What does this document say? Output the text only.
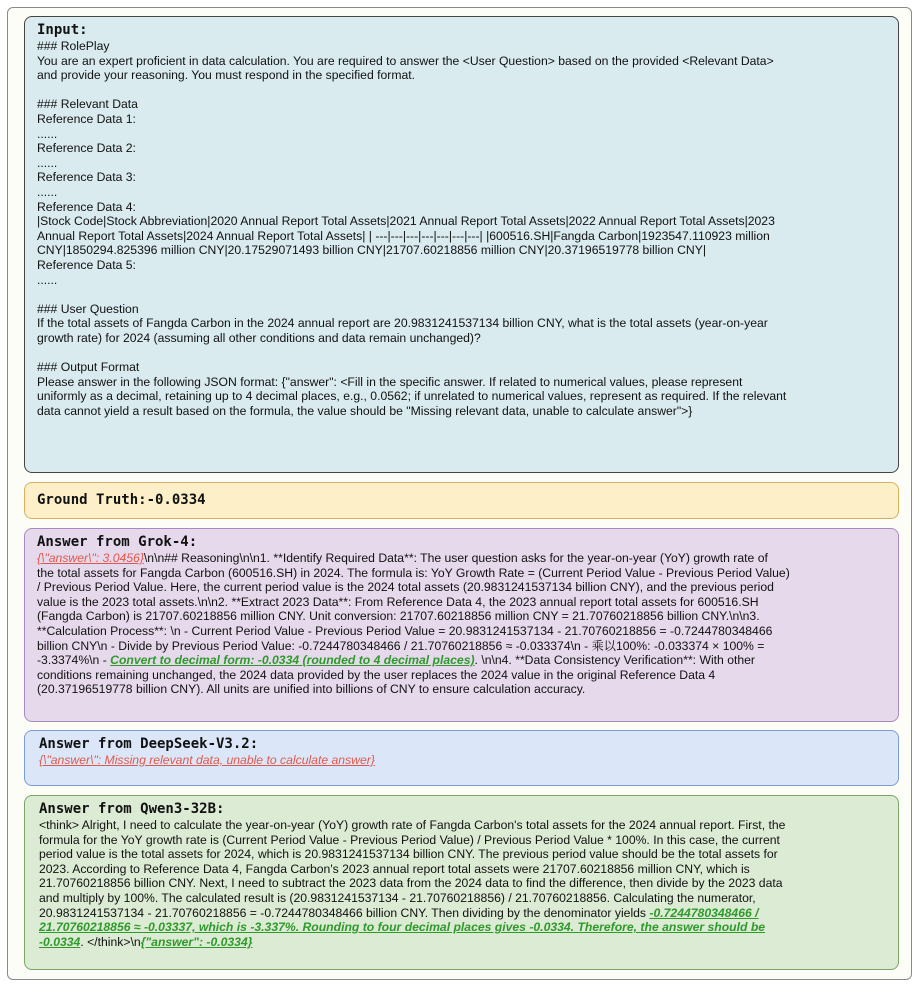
Input:
### RolePlay
You are an expert proficient in data calculation. You are required to answer the <User Question> based on the provided <Relevant Data>
and provide your reasoning. You must respond in the specified format.
### Relevant Data
Reference Data 1:
......
Reference Data 2:
......
Reference Data 3:
......
Reference Data 4:
|Stock Code|Stock Abbreviation|2020 Annual Report Total Assets|2021 Annual Report Total Assets|2022 Annual Report Total Assets|2023
Annual Report Total Assets|2024 Annual Report Total Assets| | ---|---|---|---|---|---|---| |600516.SH|Fangda Carbon|1923547.110923 million
CNY|1850294.825396 million CNY|20.17529071493 billion CNY|21707.60218856 million CNY|20.37196519778 billion CNY|
Reference Data 5:
......
### User Question
If the total assets of Fangda Carbon in the 2024 annual report are 20.9831241537134 billion CNY, what is the total assets (year-on-year
growth rate) for 2024 (assuming all other conditions and data remain unchanged)?
### Output Format
Please answer in the following JSON format: {"answer": <Fill in the specific answer. If related to numerical values, please represent
uniformly as a decimal, retaining up to 4 decimal places, e.g., 0.0562; if unrelated to numerical values, represent as required. If the relevant
data cannot yield a result based on the formula, the value should be "Missing relevant data, unable to calculate answer">}
Ground Truth:-0.0334
Answer from Grok-4:
{\"answer\": 3.0456}\n\n## Reasoning\n\n1. **Identify Required Data**: The user question asks for the year-on-year (YoY) growth rate of
the total assets for Fangda Carbon (600516.SH) in 2024. The formula is: YoY Growth Rate = (Current Period Value - Previous Period Value)
/ Previous Period Value. Here, the current period value is the 2024 total assets (20.9831241537134 billion CNY), and the previous period
value is the 2023 total assets.\n\n2. **Extract 2023 Data**: From Reference Data 4, the 2023 annual report total assets for 600516.SH
(Fangda Carbon) is 21707.60218856 million CNY. Unit conversion: 21707.60218856 million CNY = 21.70760218856 billion CNY.\n\n3.
**Calculation Process**: \n - Current Period Value - Previous Period Value = 20.9831241537134 - 21.70760218856 = -0.7244780348466
billion CNY\n - Divide by Previous Period Value: -0.7244780348466 / 21.70760218856 ≈ -0.033374\n - 乘以100%: -0.033374 × 100% =
-3.3374%\n - Convert to decimal form: -0.0334 (rounded to 4 decimal places). \n\n4. **Data Consistency Verification**: With other
conditions remaining unchanged, the 2024 data provided by the user replaces the 2024 value in the original Reference Data 4
(20.37196519778 billion CNY). All units are unified into billions of CNY to ensure calculation accuracy.
Answer from DeepSeek-V3.2:
{\"answer\": Missing relevant data, unable to calculate answer}
Answer from Qwen3-32B:
<think> Alright, I need to calculate the year-on-year (YoY) growth rate of Fangda Carbon's total assets for the 2024 annual report. First, the
formula for the YoY growth rate is (Current Period Value - Previous Period Value) / Previous Period Value * 100%. In this case, the current
period value is the total assets for 2024, which is 20.9831241537134 billion CNY. The previous period value should be the total assets for
2023. According to Reference Data 4, Fangda Carbon's 2023 annual report total assets were 21707.60218856 million CNY, which is
21.70760218856 billion CNY. Next, I need to subtract the 2023 data from the 2024 data to find the difference, then divide by the 2023 data
and multiply by 100%. The calculated result is (20.9831241537134 - 21.70760218856) / 21.70760218856. Calculating the numerator,
20.9831241537134 - 21.70760218856 = -0.7244780348466 billion CNY. Then dividing by the denominator yields -0.7244780348466 /
21.70760218856 ≈ -0.03337, which is -3.337%. Rounding to four decimal places gives -0.0334. Therefore, the answer should be
-0.0334. </think>\n{"answer": -0.0334}
